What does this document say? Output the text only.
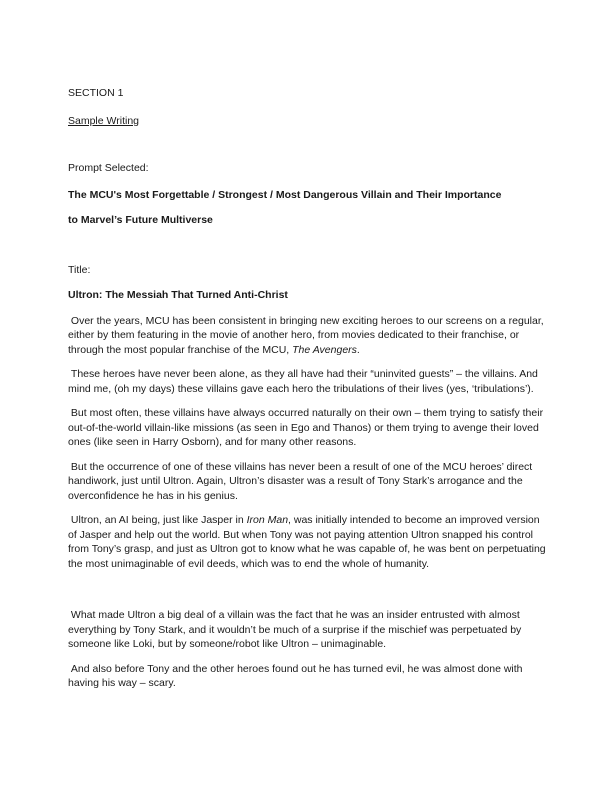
SECTION 1
Sample Writing
Prompt Selected:
The MCU's Most Forgettable / Strongest / Most Dangerous Villain and Their Importance
to Marvel’s Future Multiverse
Title:
Ultron: The Messiah That Turned Anti-Christ

Over the years, MCU has been consistent in bringing new exciting heroes to our screens on a regular, either by them featuring in the movie of another hero, from movies dedicated to their franchise, or through the most popular franchise of the MCU, The Avengers.

These heroes have never been alone, as they all have had their “uninvited guests” – the villains. And mind me, (oh my days) these villains gave each hero the tribulations of their lives (yes, ‘tribulations’).

But most often, these villains have always occurred naturally on their own – them trying to satisfy their out-of-the-world villain-like missions (as seen in Ego and Thanos) or them trying to avenge their loved ones (like seen in Harry Osborn), and for many other reasons.

But the occurrence of one of these villains has never been a result of one of the MCU heroes’ direct handiwork, just until Ultron. Again, Ultron’s disaster was a result of Tony Stark’s arrogance and the overconfidence he has in his genius.

Ultron, an AI being, just like Jasper in Iron Man, was initially intended to become an improved version of Jasper and help out the world. But when Tony was not paying attention Ultron snapped his control from Tony’s grasp, and just as Ultron got to know what he was capable of, he was bent on perpetuating the most unimaginable of evil deeds, which was to end the whole of humanity.

What made Ultron a big deal of a villain was the fact that he was an insider entrusted with almost everything by Tony Stark, and it wouldn’t be much of a surprise if the mischief was perpetuated by someone like Loki, but by someone/robot like Ultron – unimaginable.

And also before Tony and the other heroes found out he has turned evil, he was almost done with having his way – scary.
